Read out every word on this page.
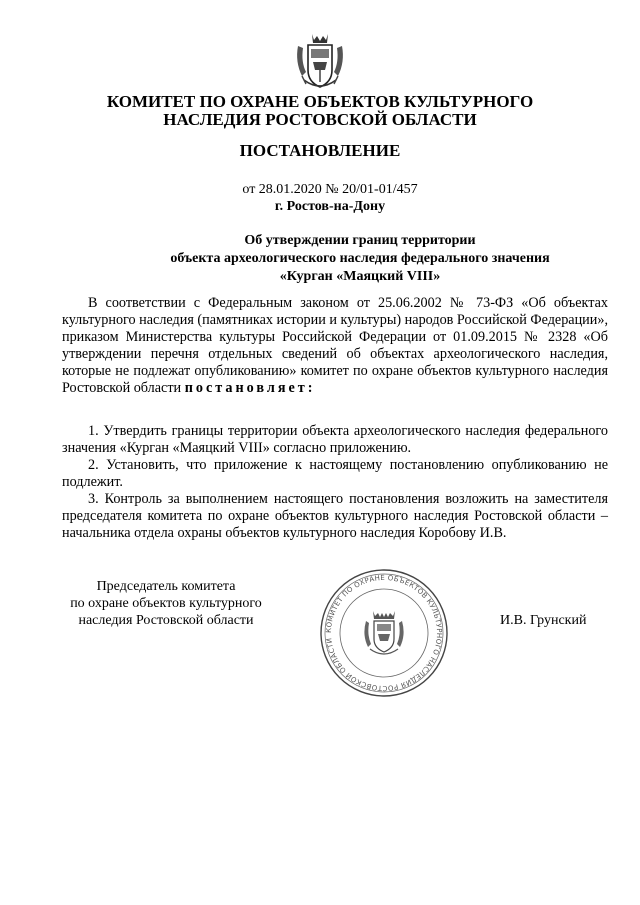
КОМИТЕТ ПО ОХРАНЕ ОБЪЕКТОВ КУЛЬТУРНОГО
НАСЛЕДИЯ РОСТОВСКОЙ ОБЛАСТИ
ПОСТАНОВЛЕНИЕ
от 28.01.2020 № 20/01-01/457
г. Ростов-на-Дону
Об утверждении границ территории
объекта археологического наследия федерального значения
«Курган «Маяцкий VIII»
В соответствии с Федеральным законом от 25.06.2002 № 73-ФЗ «Об объектах культурного наследия (памятниках истории и культуры) народов Российской Федерации», приказом Министерства культуры Российской Федерации от 01.09.2015 № 2328 «Об утверждении перечня отдельных сведений об объектах археологического наследия, которые не подлежат опубликованию» комитет по охране объектов культурного наследия Ростовской области постановляет:
1. Утвердить границы территории объекта археологического наследия федерального значения «Курган «Маяцкий VIII» согласно приложению.
2. Установить, что приложение к настоящему постановлению опубликованию не подлежит.
3. Контроль за выполнением настоящего постановления возложить на заместителя председателя комитета по охране объектов культурного наследия Ростовской области – начальника отдела охраны объектов культурного наследия Коробову И.В.
Председатель комитета
по охране объектов культурного
наследия Ростовской области
КОМИТЕТ ПО ОХРАНЕ ОБЪЕКТОВ КУЛЬТУРНОГО НАСЛЕДИЯ РОСТОВСКОЙ ОБЛАСТИ
И.В. Грунский
